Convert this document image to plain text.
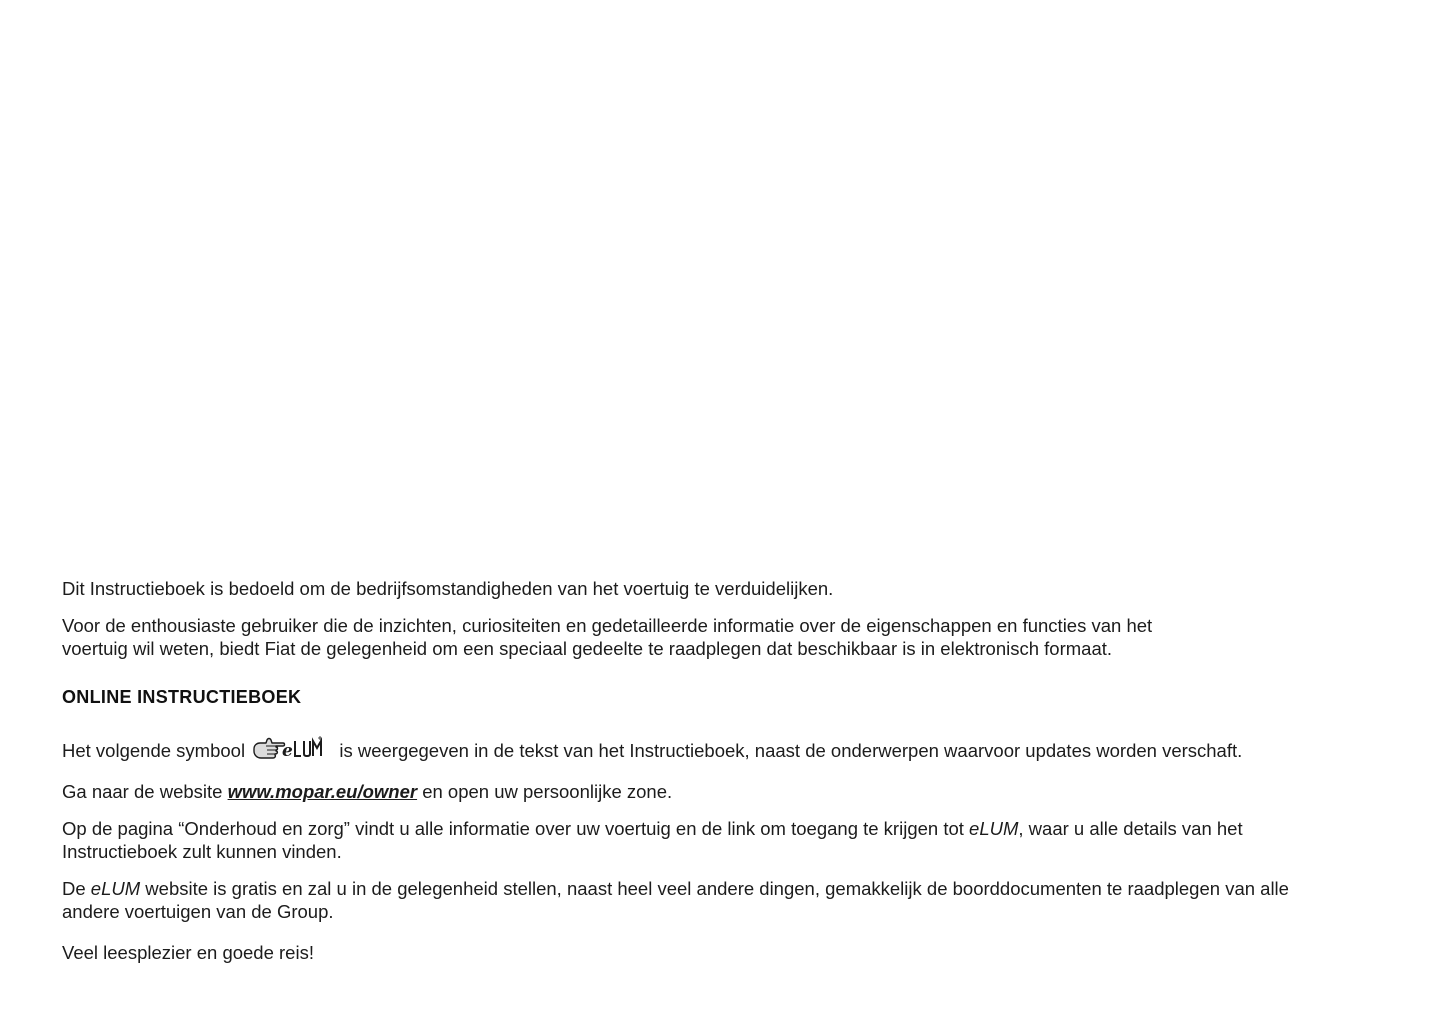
Dit Instructieboek is bedoeld om de bedrijfsomstandigheden van het voertuig te verduidelijken.

Voor de enthousiaste gebruiker die de inzichten, curiositeiten en gedetailleerde informatie over de eigenschappen en functies van het
voertuig wil weten, biedt Fiat de gelegenheid om een speciaal gedeelte te raadplegen dat beschikbaar is in elektronisch formaat.

ONLINE INSTRUCTIEBOEK

Het volgende symbool e	is weergegeven in de tekst van het Instructieboek, naast de onderwerpen waarvoor updates worden verschaft.

Ga naar de website www.mopar.eu/owner en open uw persoonlijke zone.

Op de pagina “Onderhoud en zorg” vindt u alle informatie over uw voertuig en de link om toegang te krijgen tot eLUM, waar u alle details van het
Instructieboek zult kunnen vinden.

De eLUM website is gratis en zal u in de gelegenheid stellen, naast heel veel andere dingen, gemakkelijk de boorddocumenten te raadplegen van alle
andere voertuigen van de Group.

Veel leesplezier en goede reis!
